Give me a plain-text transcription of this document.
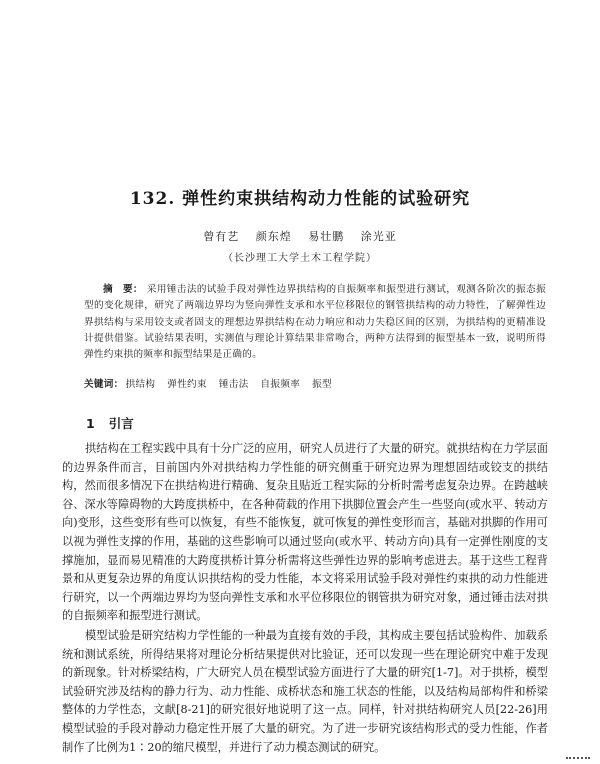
132. 弹性约束拱结构动力性能的试验研究
曾有艺 颜东煌 易壮鹏 涂光亚
（长沙理工大学土木工程学院）

摘　要： 采用锤击法的试验手段对弹性边界拱结构的自振频率和振型进行测试，观测各阶次的振态振型的变化规律，研究了两端边界均为竖向弹性支承和水平位移限位的钢管拱结构的动力特性，了解弹性边界拱结构与采用铰支或者固支的理想边界拱结构在动力响应和动力失稳区间的区别，为拱结构的更精准设计提供借鉴。试验结果表明，实测值与理论计算结果非常吻合，两种方法得到的振型基本一致，说明所得弹性约束拱的频率和振型结果是正确的。

关键词： 拱结构 弹性约束 锤击法 自振频率 振型

1 引言

拱结构在工程实践中具有十分广泛的应用，研究人员进行了大量的研究。就拱结构在力学层面的边界条件而言，目前国内外对拱结构力学性能的研究侧重于研究边界为理想固结或铰支的拱结构，然而很多情况下在拱结构进行精确、复杂且贴近工程实际的分析时需考虑复杂边界。在跨越峡谷、深水等障碍物的大跨度拱桥中，在各种荷载的作用下拱脚位置会产生一些竖向(或水平、转动方向)变形，这些变形有些可以恢复，有些不能恢复，就可恢复的弹性变形而言，基础对拱脚的作用可以视为弹性支撑的作用，基础的这些影响可以通过竖向(或水平、转动方向)具有一定弹性刚度的支撑施加，显而易见精准的大跨度拱桥计算分析需将这些弹性边界的影响考虑进去。基于这些工程背景和从更复杂边界的角度认识拱结构的受力性能，本文将采用试验手段对弹性约束拱的动力性能进行研究，以一个两端边界均为竖向弹性支承和水平位移限位的钢管拱为研究对象，通过锤击法对拱的自振频率和振型进行测试。

模型试验是研究结构力学性能的一种最为直接有效的手段，其构成主要包括试验构件、加载系统和测试系统，所得结果将对理论分析结果提供对比验证，还可以发现一些在理论研究中难于发现的新现象。针对桥梁结构，广大研究人员在模型试验方面进行了大量的研究[1-7]。对于拱桥，模型试验研究涉及结构的静力行为、动力性能、成桥状态和施工状态的性能，以及结构局部构件和桥梁整体的力学性态，文献[8-21]的研究很好地说明了这一点。同样，针对拱结构研究人员[22-26]用模型试验的手段对静动力稳定性开展了大量的研究。为了进一步研究该结构形式的受力性能，作者制作了比例为1∶20的缩尺模型，并进行了动力模态测试的研究。
